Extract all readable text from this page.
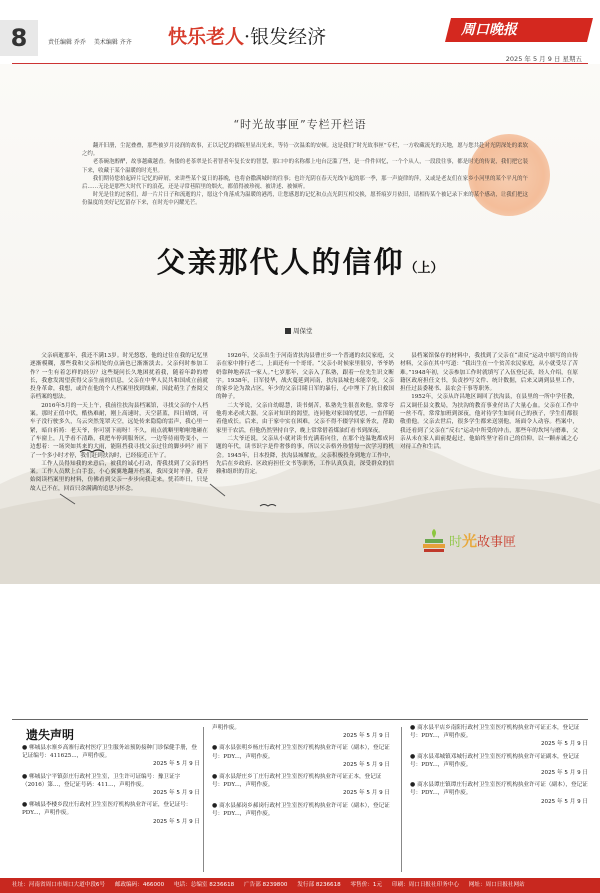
8	责任编辑 乔乔 美术编辑 齐齐	快乐老人·银发经济	周口晚报
2025 年 5 月 9 日 星期五
“时光故事匣”专栏开栏语

翻开旧册，尘泥叠叠，那些被岁月浸润的故事，正以记忆的褶痕里显出光来，等待一次温柔的安顿。这是我们“时光故事匣”专栏，一方收藏流光的天地，愿与您共赴对光阴深处的柔软之约。

老茶碗泡醇酽，故事越藏越香。佝偻的老茶翠是长者智者年复长安的智慧，那口中的名称都上电台泛滥了些，是一件件回忆，一个个从人，一段段往事，都是时光的传说，我们把它装下来，收藏于某个温暖的时光里。

我们期待您拾起碎片记忆的碎屑，来讲些某个夏日的暮晚，也将奋撒满城时的往事；也许光阴在春天光线乍起的那一季，那一声旋律的萍，又或是老友们在家乡小河里的某个平凡的午后……无论是那些大时代下的浪花，还是寻常巷陌里的烟火，都值得被珍视、被讲述、被倾听。

时光是往的过客们，却一片片日子和流逝的片，愿这个角落成为温暖的港湾，让您感恩的记忆和点点光阴互相交换，愿苔痕岁月依旧，请相传某个被记录下来的某个感动，让我们把这份温度的美好记忆留存下来，在时光中闪耀光芒。

父亲那代人的信仰（上）
周保堂

父亲病逝那年，我还不满13岁。时光悠悠，他的过往在我的记忆里逐渐模糊，那些我和父亲相处的点滴也已渐渐淡去。父亲何时参加工作？一生有着怎样的经历？这些疑问长久地困扰着我，随着年龄的增长，我愈发渴望获得父亲生前的信息，父亲在中华人民共和国成立前就投身革命，我想，或许在他的个人档案里找到线索，因此萌生了查阅父亲档案的想法。

2016年5月的一天上午，我前往扶沟县档案馆，寻找父亲的个人档案。那时正值中伏，酷热难耐，刚上高速时，天空湛蓝，四日晴朗，可车子没行驶多久，乌云突然笼罩天空，远处传来隐隐的雷声，我心里一紧，暗自祈祷：老天爷，你可别下雨呀！不久，雨点就噼里啪啦地砸在了车窗上，几乎看不清路，我把车停到服务区，一边等待雨势变小，一边想着：一场突如其来的大雨，能阻挡我寻找父亲过往的脚步吗？雨下了一个多小时才停，我们赶到扶沟时，已经接近正午了。

工作人员得知我的来意后，被我的诚心打动，帮我找到了父亲的档案。工作人员默上白手套，小心翼翼地翻开档案，我因变时平静。我开始阅读档案里的材料，仿佛看到父亲一步步向我走来，恍若昨日，只是故人已不在，回首只余满满的追思与怀念。

1926年，父亲出生于河南省扶沟县曹庄乡一个普通的农民家庭，父亲在家中排行老二，上面还有一个哥哥。“父亲小时候家里很穷，爷爷奶奶靠种地养活一家人。”七岁那年，父亲入了私塾，跟着一位先生识文断字。1938年，日军侵华，战火蔓延到河南，扶沟县城也未能幸免，父亲的家乡沦为敌占区，年少的父亲目睹日军的暴行，心中埋下了抗日救国的种子。

二大爷说，父亲自幼聪慧，读书刻苦，私塾先生很喜欢他，常常夸他将来必成大器。父亲对知识的渴望，连同他对家国的忧思，一直伴随着他成长。后来，由于家中实在困难，父亲不得不辍学回家务农，帮助家里干农活，但他仍然坚持自学，晚上常常借着煤油灯看书到深夜。

二大爷还说，父亲从小就对读书充满着向往，在那个连温饱都成问题的年代，读书识字是件奢侈的事，所以父亲格外珍惜每一次学习的机会。1945年，日本投降，扶沟县城解放，父亲积极投身到地方工作中，先后在乡政府、区政府担任文书等职务，工作认真负责，深受群众的信赖和组织的肯定。

县档案馆保存的材料中，我找到了父亲在“肃反”运动中填写的自传材料，父亲在其中写道：“我出生在一个贫苦农民家庭，从小就受尽了苦难。”1948年初，父亲参加工作时就填写了入伍登记表，经人介绍，在原籍区政府担任文书，负责抄写文件、统计数据，后来又调到县里工作，担任过县委秘书、县农会干事等职务。

1952年，父亲从许昌地区调回了扶沟县，在县里的一所中学任教，后又调任县文教局，为扶沟的教育事业付出了大量心血。父亲在工作中一丝不苟，常常加班到深夜，他对待学生如同自己的孩子，学生们都很敬重他。父亲去世后，很多学生都来送别他，场面令人动容。档案中，我还看到了父亲在“反右”运动中所受的冲击，那些年的坎坷与磨难，父亲从未在家人面前提起过，他始终坚守着自己的信仰，以一颗赤诚之心对待工作和生活。

时光故事匣
遗失声明
● 郸城县水寨乡高寨行政村医疗卫生服务站预防接种门诊保健手册，登记证编号：411625...，声明作废。
2025 年 5 月 9 日
● 郸城县宁平镇彭庄行政村卫生室，卫生许可证编号：豫卫证字（2016）第...，登记证号码：411...，声明作废。
2025 年 5 月 9 日
● 郸城县李楼乡段庄行政村卫生室医疗机构执业许可证，登记证号：PDY...，声明作废。
2025 年 5 月 9 日
声明作废。
2025 年 5 月 9 日
● 商水县张明乡杨庄行政村卫生室医疗机构执业许可证（副本），登记证号：PDY...，声明作废。
2025 年 5 月 9 日
● 商水县舒庄乡丁庄行政村卫生室医疗机构执业许可证正本，登记证号：PDY...，声明作废。
2025 年 5 月 9 日
● 商水县郝岗乡郝岗行政村卫生室医疗机构执业许可证（副本），登记证号：PDY...，声明作废。
● 商水县平店乡南阳行政村卫生室医疗机构执业许可证正本，登记证号：PDY...，声明作废。
2025 年 5 月 9 日
● 商水县邓城镇邓城行政村卫生室医疗机构执业许可证副本，登记证号：PDY...，声明作废。
2025 年 5 月 9 日
● 商水县谭庄镇谭庄行政村卫生室医疗机构执业许可证（副本），登记证号：PDY...，声明作废。
2025 年 5 月 9 日
社址：河南省周口市周口大道中段6号 邮政编码：466000 电话：总编室 8236618 广告部 8239800 发行部 8236618 零售价：1元 印刷：周口日报社印务中心 网址：周口日报社网站
